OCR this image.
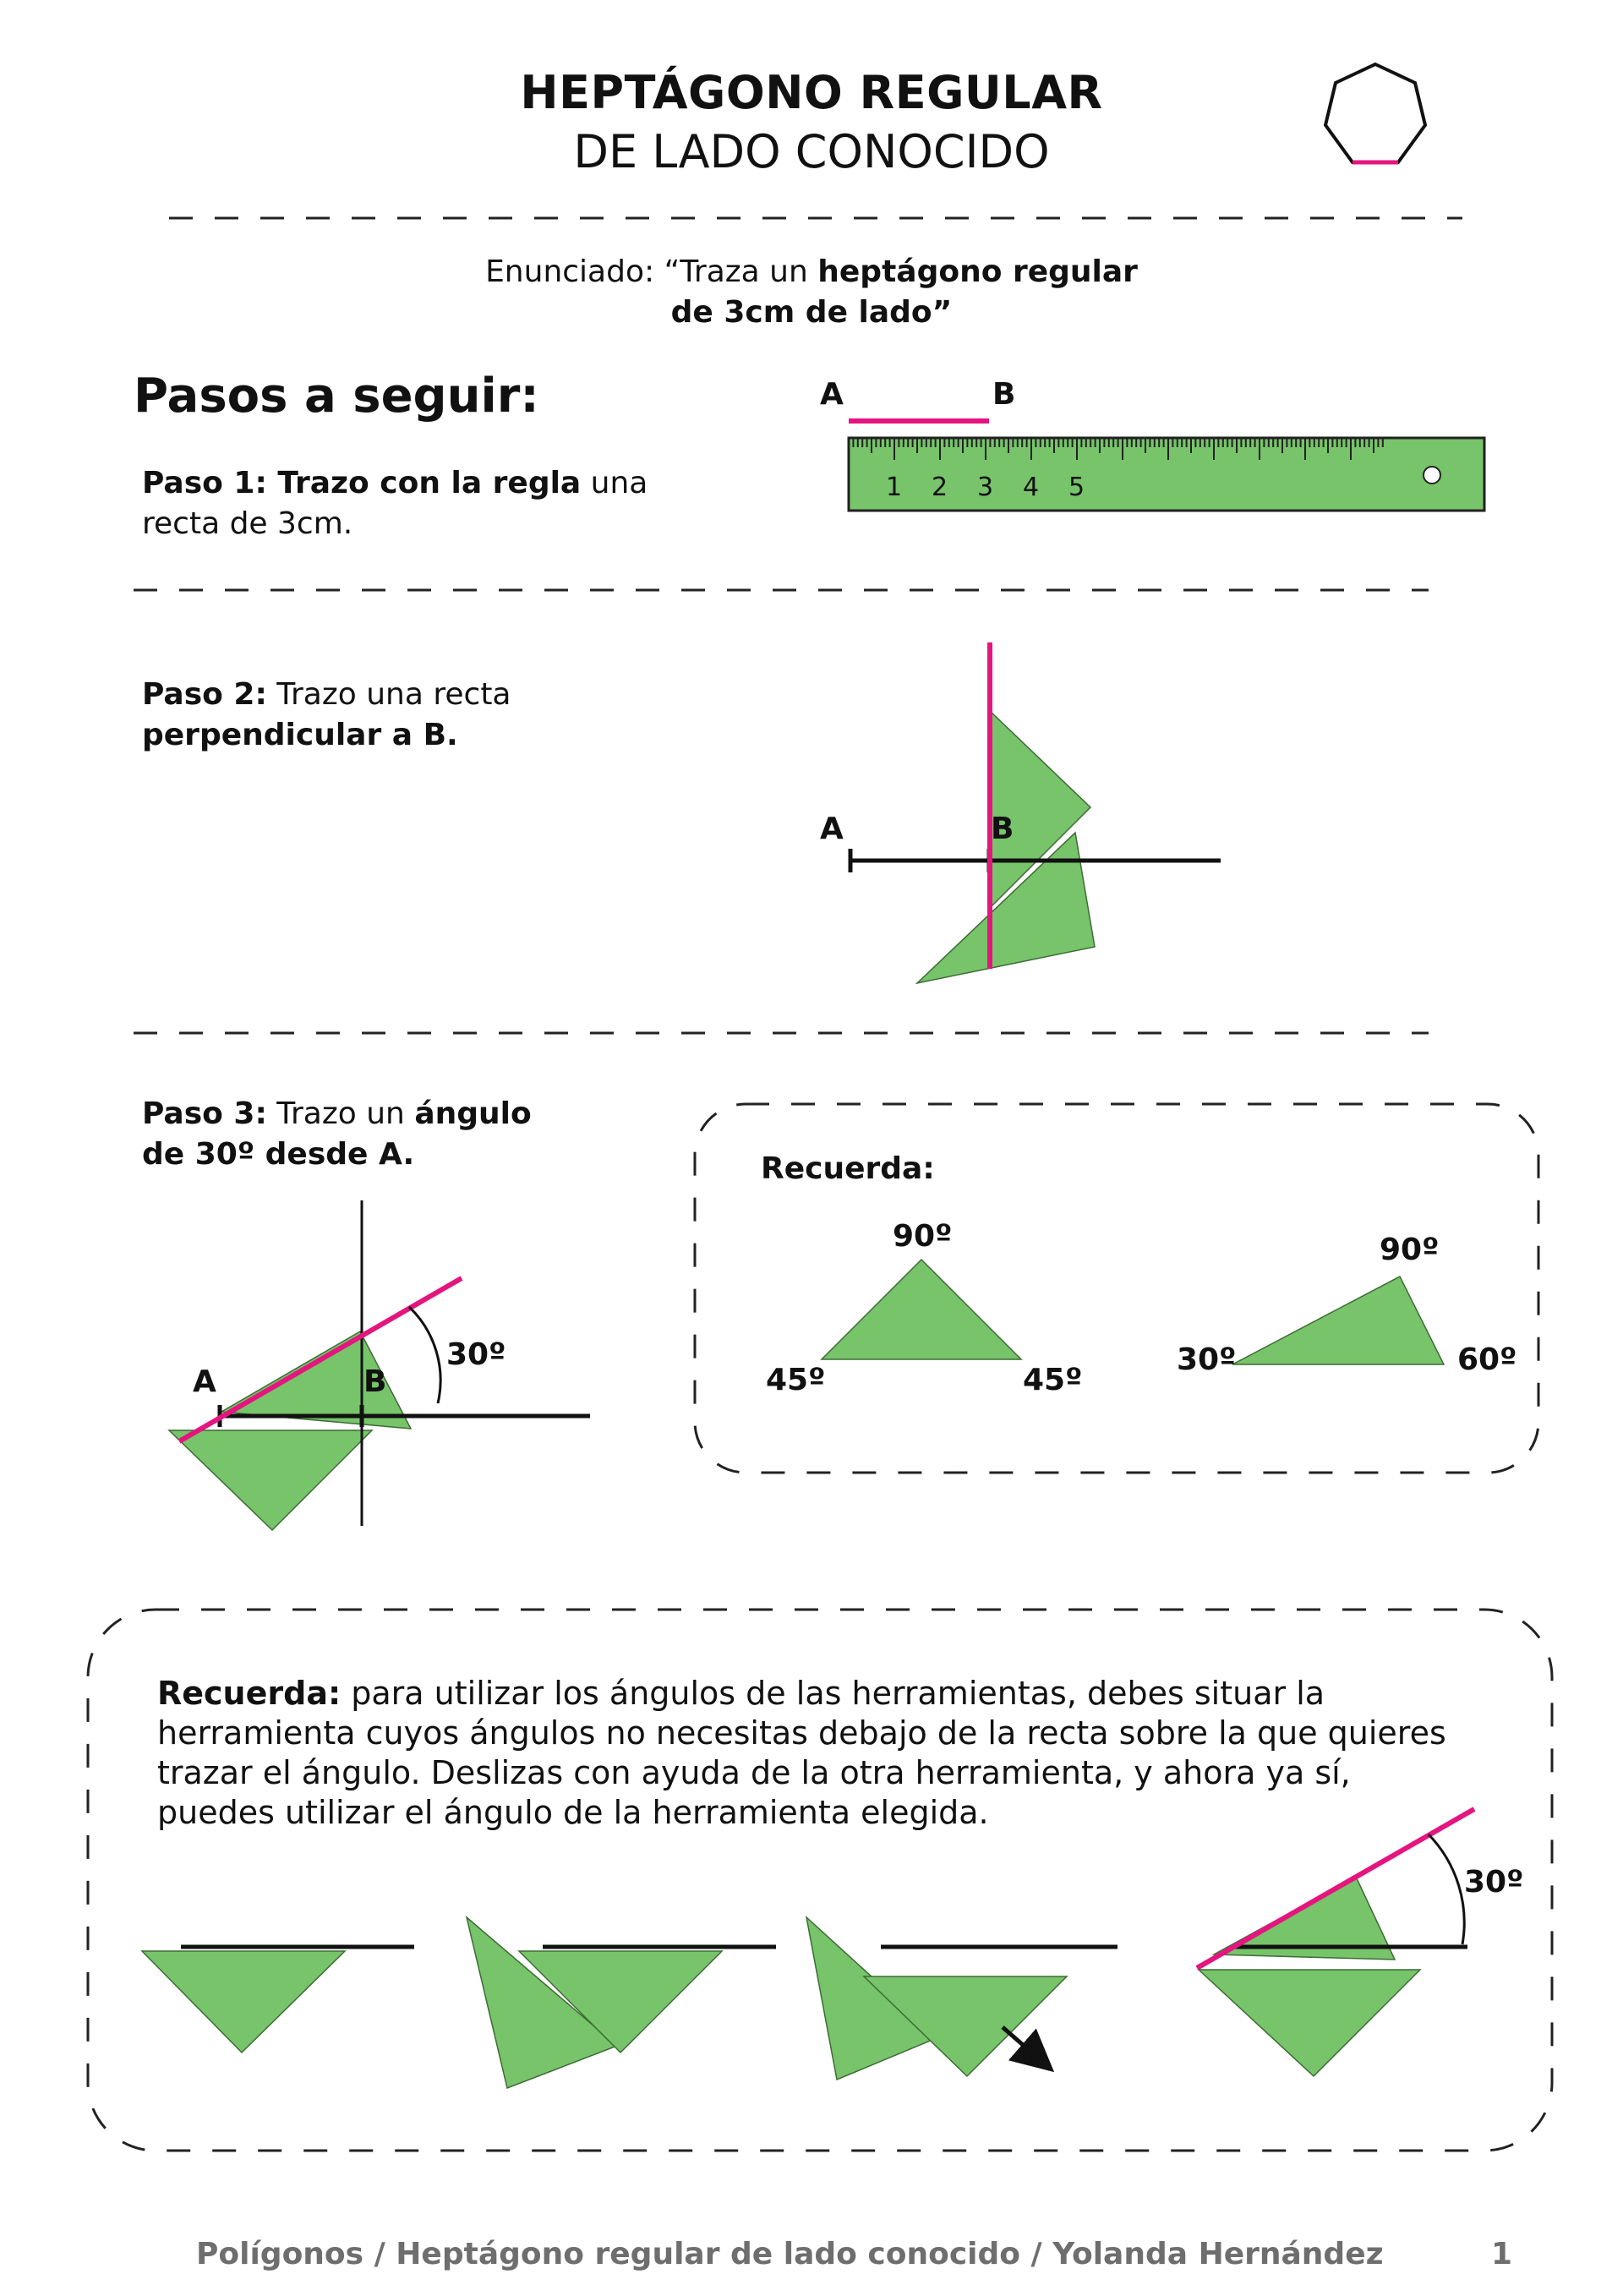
A	B
1 2 3 4 5
A	B
A	B
30º
Recuerda:
90º
45º	45º
90º
30º	60º
30º
HEPTÁGONO REGULAR
DE LADO CONOCIDO
Enunciado: “Traza un heptágono regular
de 3cm de lado”
Pasos a seguir:
Paso 1: Trazo con la regla una
recta de 3cm.
Paso 2: Trazo una recta
perpendicular a B.
Paso 3: Trazo un ángulo
de 30º desde A.
Recuerda: para utilizar los ángulos de las herramientas, debes situar la herramienta cuyos ángulos no necesitas debajo de la recta sobre la que quieres trazar el ángulo. Deslizas con ayuda de la otra herramienta, y ahora ya sí, puedes utilizar el ángulo de la herramienta elegida.
Polígonos / Heptágono regular de lado conocido / Yolanda Hernández	1
